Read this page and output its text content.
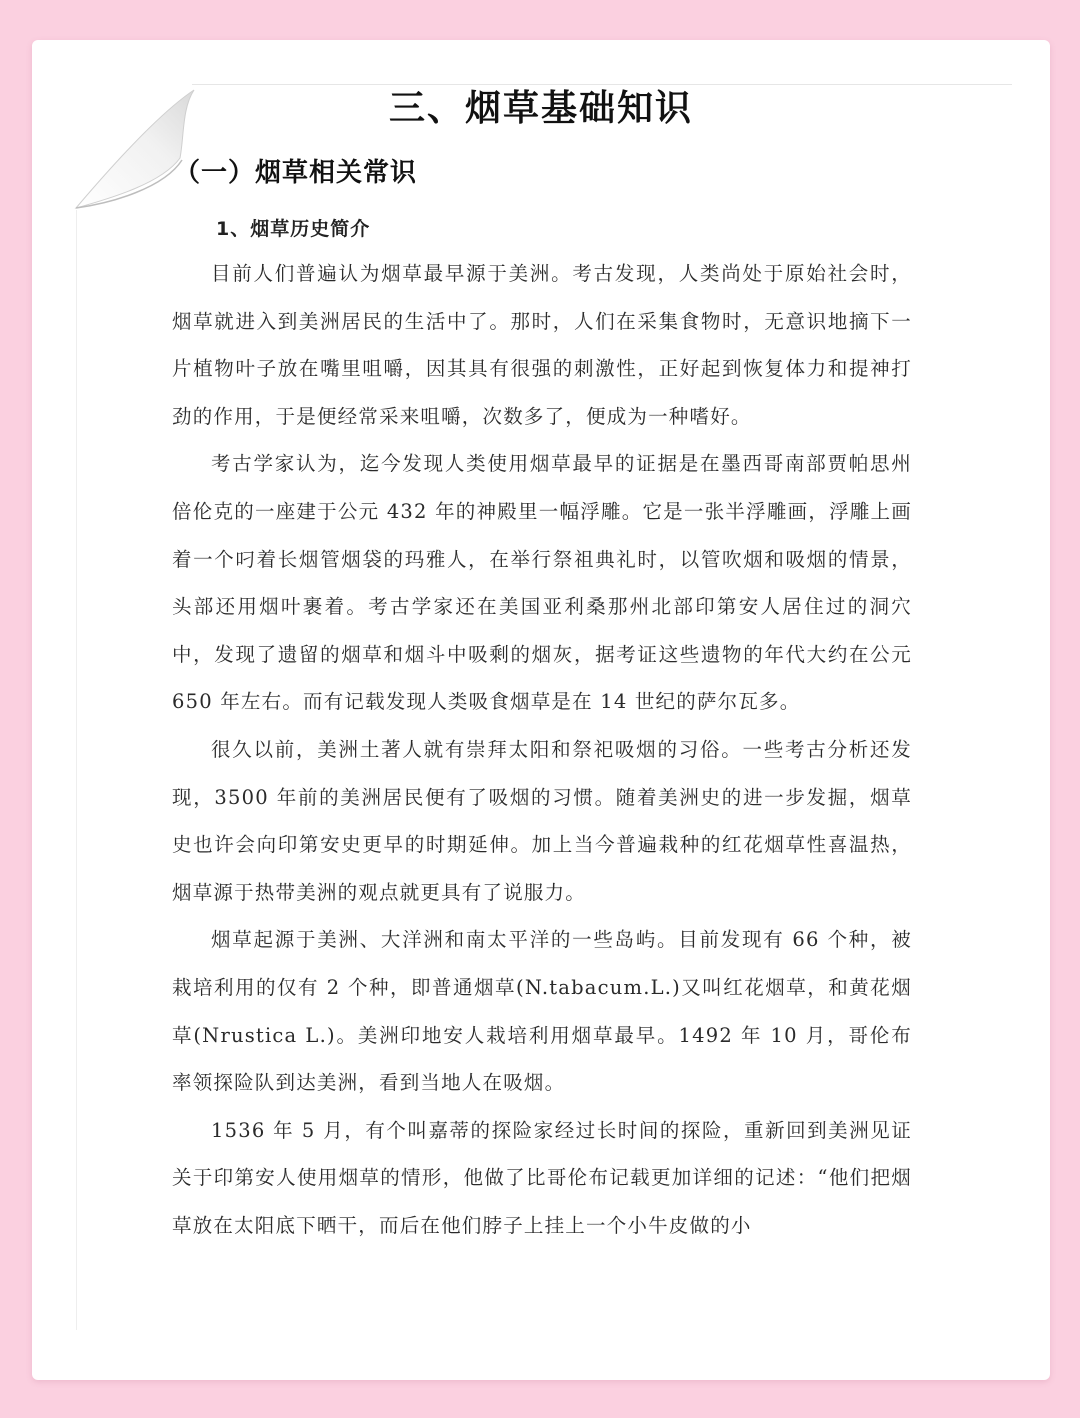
三、烟草基础知识
（一）烟草相关常识
1、烟草历史简介

目前人们普遍认为烟草最早源于美洲。考古发现，人类尚处于原始社会时，烟草就进入到美洲居民的生活中了。那时，人们在采集食物时，无意识地摘下一片植物叶子放在嘴里咀嚼，因其具有很强的刺激性，正好起到恢复体力和提神打劲的作用，于是便经常采来咀嚼，次数多了，便成为一种嗜好。

考古学家认为，迄今发现人类使用烟草最早的证据是在墨西哥南部贾帕思州倍伦克的一座建于公元 432 年的神殿里一幅浮雕。它是一张半浮雕画，浮雕上画着一个叼着长烟管烟袋的玛雅人，在举行祭祖典礼时，以管吹烟和吸烟的情景，头部还用烟叶裹着。考古学家还在美国亚利桑那州北部印第安人居住过的洞穴中，发现了遗留的烟草和烟斗中吸剩的烟灰，据考证这些遗物的年代大约在公元 650 年左右。而有记载发现人类吸食烟草是在 14 世纪的萨尔瓦多。

很久以前，美洲土著人就有崇拜太阳和祭祀吸烟的习俗。一些考古分析还发现，3500 年前的美洲居民便有了吸烟的习惯。随着美洲史的进一步发掘，烟草史也许会向印第安史更早的时期延伸。加上当今普遍栽种的红花烟草性喜温热，烟草源于热带美洲的观点就更具有了说服力。

烟草起源于美洲、大洋洲和南太平洋的一些岛屿。目前发现有 66 个种，被栽培利用的仅有 2 个种，即普通烟草(N.tabacum.L.)又叫红花烟草，和黄花烟草(Nrustica L.)。美洲印地安人栽培利用烟草最早。1492 年 10 月，哥伦布率领探险队到达美洲，看到当地人在吸烟。

1536 年 5 月，有个叫嘉蒂的探险家经过长时间的探险，重新回到美洲见证关于印第安人使用烟草的情形，他做了比哥伦布记载更加详细的记述：“他们把烟草放在太阳底下晒干，而后在他们脖子上挂上一个小牛皮做的小
